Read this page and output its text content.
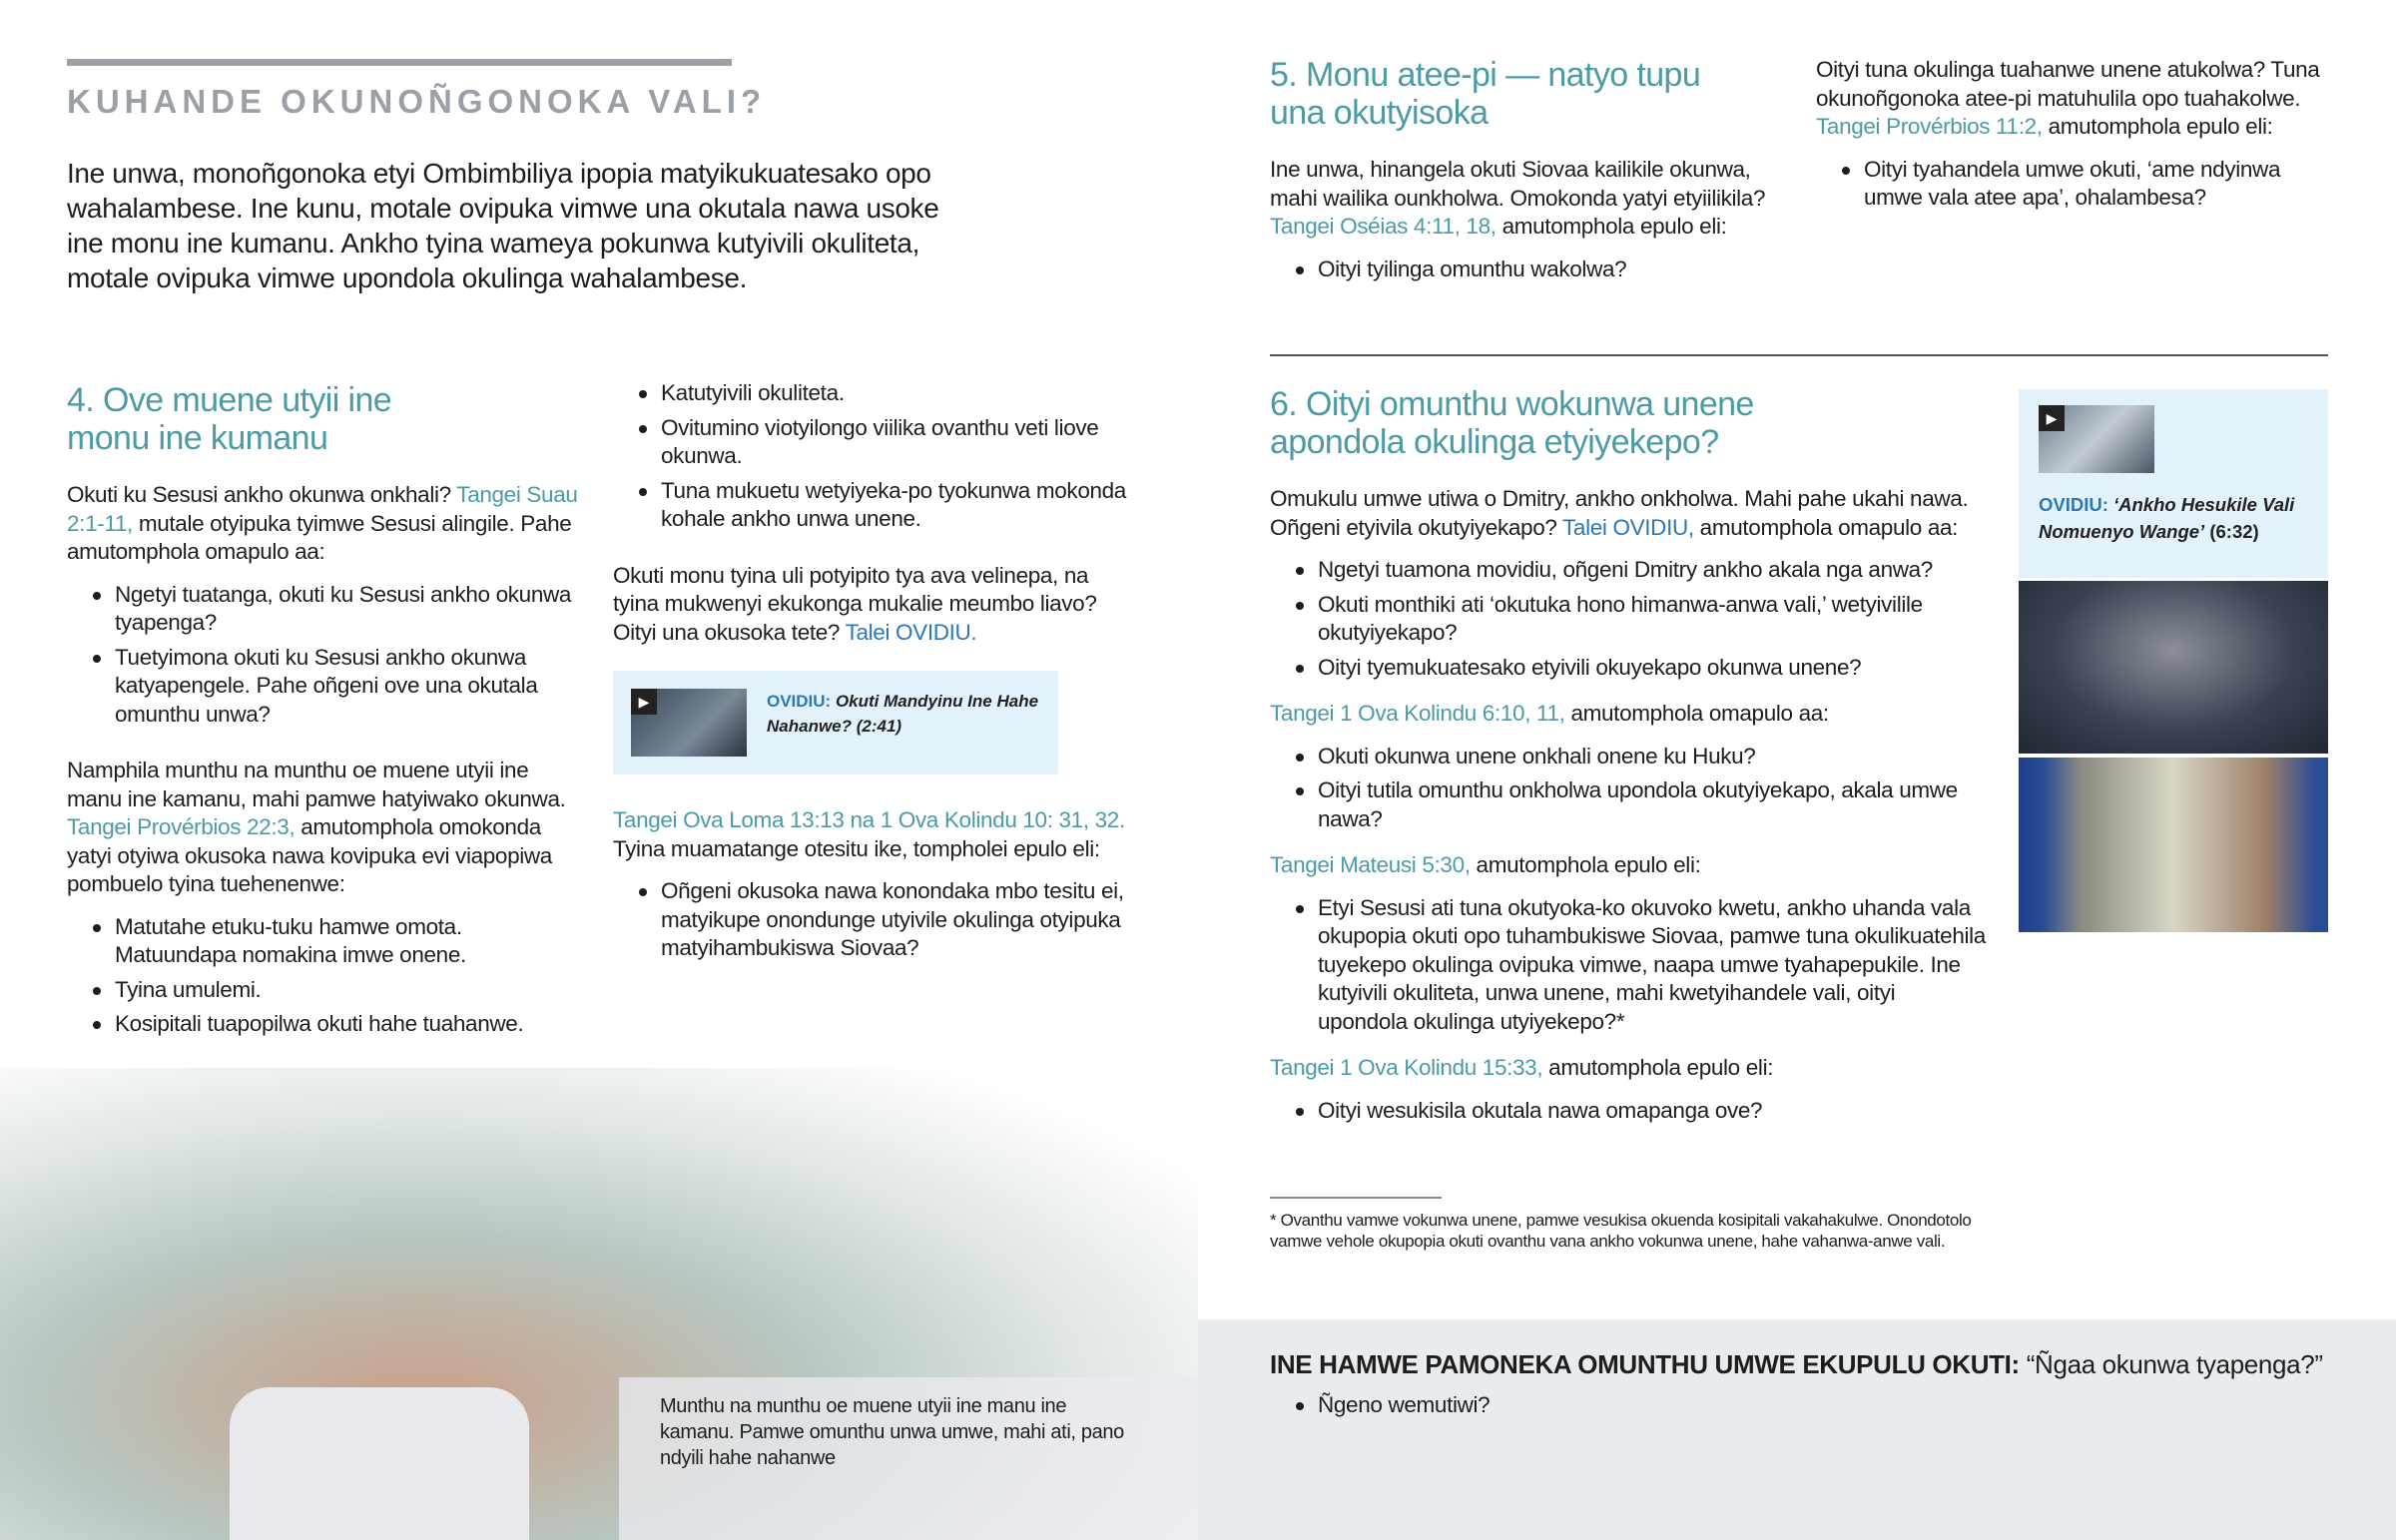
KUHANDE OKUNOÑGONOKA VALI?

Ine unwa, monoñgonoka etyi Ombimbiliya ipopia matyikukuatesako opo wahalambese. Ine kunu, motale ovipuka vimwe una okutala nawa usoke ine monu ine kumanu. Ankho tyina wameya pokunwa kutyivili okuliteta, motale ovipuka vimwe upondola okulinga wahalambese.

4. Ove muene utyii ine monu ine kumanu

Okuti ku Sesusi ankho okunwa onkhali? Tangei Suau 2:1-11, mutale otyipuka tyimwe Sesusi alingile. Pahe amutomphola omapulo aa:

Ngetyi tuatanga, okuti ku Sesusi ankho okunwa tyapenga?
Tuetyimona okuti ku Sesusi ankho okunwa katyapengele. Pahe oñgeni ove una okutala omunthu unwa?

Namphila munthu na munthu oe muene utyii ine manu ine kamanu, mahi pamwe hatyiwako okunwa. Tangei Provérbios 22:3, amutomphola omokonda yatyi otyiwa okusoka nawa kovipuka evi viapopiwa pombuelo tyina tuehenenwe:

Matutahe etuku-tuku hamwe omota. Matuundapa nomakina imwe onene.
Tyina umulemi.
Kosipitali tuapopilwa okuti hahe tuahanwe.
Katutyivili okuliteta.
Ovitumino viotyilongo viilika ovanthu veti liove okunwa.
Tuna mukuetu wetyiyeka-po tyokunwa mokonda kohale ankho unwa unene.

Okuti monu tyina uli potyipito tya ava velinepa, na tyina mukwenyi ekukonga mukalie meumbo liavo? Oityi una okusoka tete? Talei OVIDIU.

▶	OVIDIU: Okuti Mandyinu Ine Hahe Nahanwe? (2:41)

Tangei Ova Loma 13:13 na 1 Ova Kolindu 10: 31, 32. Tyina muamatange otesitu ike, tompholei epulo eli:

Oñgeni okusoka nawa konondaka mbo tesitu ei, matyikupe onondunge utyivile okulinga otyipuka matyihambukiswa Siovaa?

Munthu na munthu oe muene utyii ine manu ine kamanu. Pamwe omunthu unwa umwe, mahi ati, pano ndyili hahe nahanwe

5. Monu atee-pi — natyo tupu una okutyisoka

Ine unwa, hinangela okuti Siovaa kailikile okunwa, mahi wailika ounkholwa. Omokonda yatyi etyiilikila? Tangei Oséias 4:11, 18, amutomphola epulo eli:

Oityi tyilinga omunthu wakolwa?

Oityi tuna okulinga tuahanwe unene atukolwa? Tuna okunoñgonoka atee-pi matuhulila opo tuahakolwe. Tangei Provérbios 11:2, amutomphola epulo eli:

Oityi tyahandela umwe okuti, ‘ame ndyinwa umwe vala atee apa’, ohalambesa?
6. Oityi omunthu wokunwa unene apondola okulinga etyiyekepo?

Omukulu umwe utiwa o Dmitry, ankho onkholwa. Mahi pahe ukahi nawa. Oñgeni etyivila okutyiyekapo? Talei OVIDIU, amutomphola omapulo aa:

Ngetyi tuamona movidiu, oñgeni Dmitry ankho akala nga anwa?
Okuti monthiki ati ‘okutuka hono himanwa-anwa vali,’ wetyivilile okutyiyekapo?
Oityi tyemukuatesako etyivili okuyekapo okunwa unene?

Tangei 1 Ova Kolindu 6:10, 11, amutomphola omapulo aa:

Okuti okunwa unene onkhali onene ku Huku?
Oityi tutila omunthu onkholwa upondola okutyiyekapo, akala umwe nawa?

Tangei Mateusi 5:30, amutomphola epulo eli:

Etyi Sesusi ati tuna okutyoka-ko okuvoko kwetu, ankho uhanda vala okupopia okuti opo tuhambukiswe Siovaa, pamwe tuna okulikuatehila tuyekepo okulinga ovipuka vimwe, naapa umwe tyahapepukile. Ine kutyivili okuliteta, unwa unene, mahi kwetyihandele vali, oityi upondola okulinga utyiyekepo?*

Tangei 1 Ova Kolindu 15:33, amutomphola epulo eli:

Oityi wesukisila okutala nawa omapanga ove?

* Ovanthu vamwe vokunwa unene, pamwe vesukisa okuenda kosipitali vakahakulwe. Onondotolo vamwe vehole okupopia okuti ovanthu vana ankho vokunwa unene, hahe vahanwa-anwe vali.

▶
OVIDIU: ‘Ankho Hesukile Vali Nomuenyo Wange’ (6:32)

INE HAMWE PAMONEKA OMUNTHU UMWE EKUPULU OKUTI: “Ñgaa okunwa tyapenga?”

Ñgeno wemutiwi?
